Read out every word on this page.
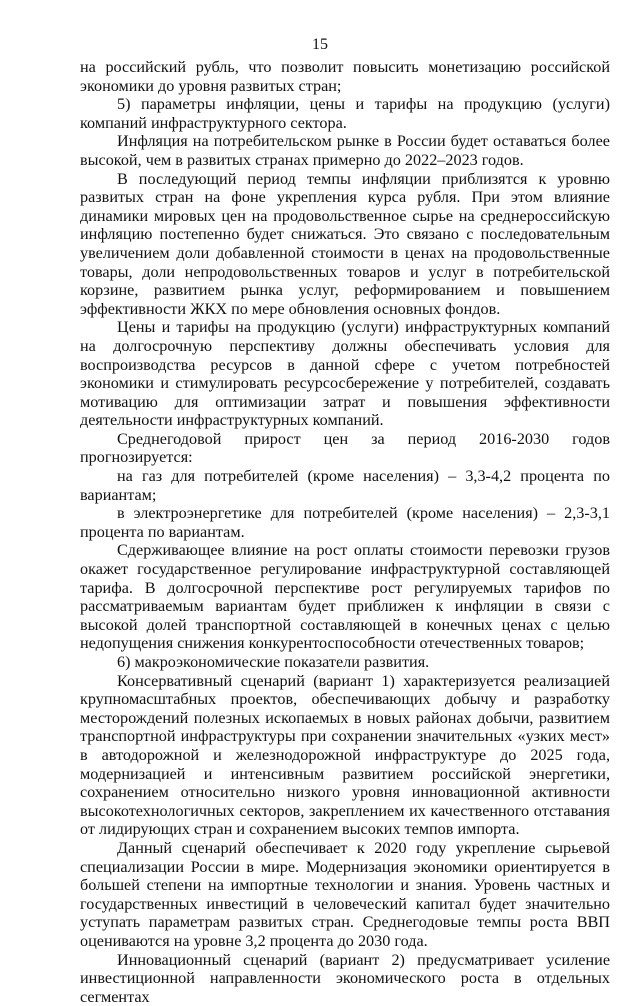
15

на российский рубль, что позволит повысить монетизацию российской экономики до уровня развитых стран;

5) параметры инфляции, цены и тарифы на продукцию (услуги) компаний инфраструктурного сектора.

Инфляция на потребительском рынке в России будет оставаться более высокой, чем в развитых странах примерно до 2022–2023 годов.

В последующий период темпы инфляции приблизятся к уровню развитых стран на фоне укрепления курса рубля. При этом влияние динамики мировых цен на продовольственное сырье на среднероссийскую инфляцию постепенно будет снижаться. Это связано с последовательным увеличением доли добавленной стоимости в ценах на продовольственные товары, доли непродовольственных товаров и услуг в потребительской корзине, развитием рынка услуг, реформированием и повышением эффективности ЖКХ по мере обновления основных фондов.

Цены и тарифы на продукцию (услуги) инфраструктурных компаний на долгосрочную перспективу должны обеспечивать условия для воспроизводства ресурсов в данной сфере с учетом потребностей экономики и стимулировать ресурсосбережение у потребителей, создавать мотивацию для оптимизации затрат и повышения эффективности деятельности инфраструктурных компаний.

Среднегодовой прирост цен за период 2016-2030 годов прогнозируется:

на газ для потребителей (кроме населения) – 3,3-4,2 процента по вариантам;

в электроэнергетике для потребителей (кроме населения) – 2,3-3,1 процента по вариантам.

Сдерживающее влияние на рост оплаты стоимости перевозки грузов окажет государственное регулирование инфраструктурной составляющей тарифа. В долгосрочной перспективе рост регулируемых тарифов по рассматриваемым вариантам будет приближен к инфляции в связи с высокой долей транспортной составляющей в конечных ценах с целью недопущения снижения конкурентоспособности отечественных товаров;

6) макроэкономические показатели развития.

Консервативный сценарий (вариант 1) характеризуется реализацией крупномасштабных проектов, обеспечивающих добычу и разработку месторождений полезных ископаемых в новых районах добычи, развитием транспортной инфраструктуры при сохранении значительных «узких мест» в автодорожной и железнодорожной инфраструктуре до 2025 года, модернизацией и интенсивным развитием российской энергетики, сохранением относительно низкого уровня инновационной активности высокотехнологичных секторов, закреплением их качественного отставания от лидирующих стран и сохранением высоких темпов импорта.

Данный сценарий обеспечивает к 2020 году укрепление сырьевой специализации России в мире. Модернизация экономики ориентируется в большей степени на импортные технологии и знания. Уровень частных и государственных инвестиций в человеческий капитал будет значительно уступать параметрам развитых стран. Среднегодовые темпы роста ВВП оцениваются на уровне 3,2 процента до 2030 года.

Инновационный сценарий (вариант 2) предусматривает усиление инвестиционной направленности экономического роста в отдельных сегментах
